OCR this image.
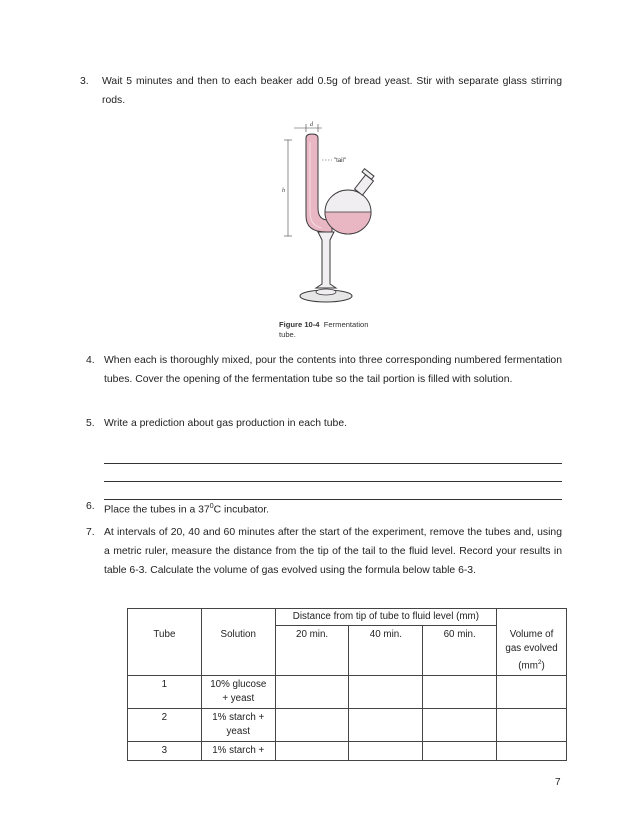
3. Wait 5 minutes and then to each beaker add 0.5g of bread yeast. Stir with separate glass stirring rods.
d
h
"tail"
Figure 10-4 Fermentation
tube.
4. When each is thoroughly mixed, pour the contents into three corresponding numbered fermentation tubes. Cover the opening of the fermentation tube so the tail portion is filled with solution.
5. Write a prediction about gas production in each tube.
6. Place the tubes in a $37^0C$ incubator.
7. At intervals of 20, 40 and 60 minutes after the start of the experiment, remove the tubes and, using a metric ruler, measure the distance from the tip of the tail to the fluid level. Record your results in table 6-3. Calculate the volume of gas evolved using the formula below table 6-3.
		Distance from tip of tube to fluid level (mm)			
Tube	Solution	20 min.	40 min.	60 min.	Volume of
gas evolved
$(mm^2)$
1	10% glucose
+ yeast				
2	1% starch +
yeast				
3	1% starch +				
7
